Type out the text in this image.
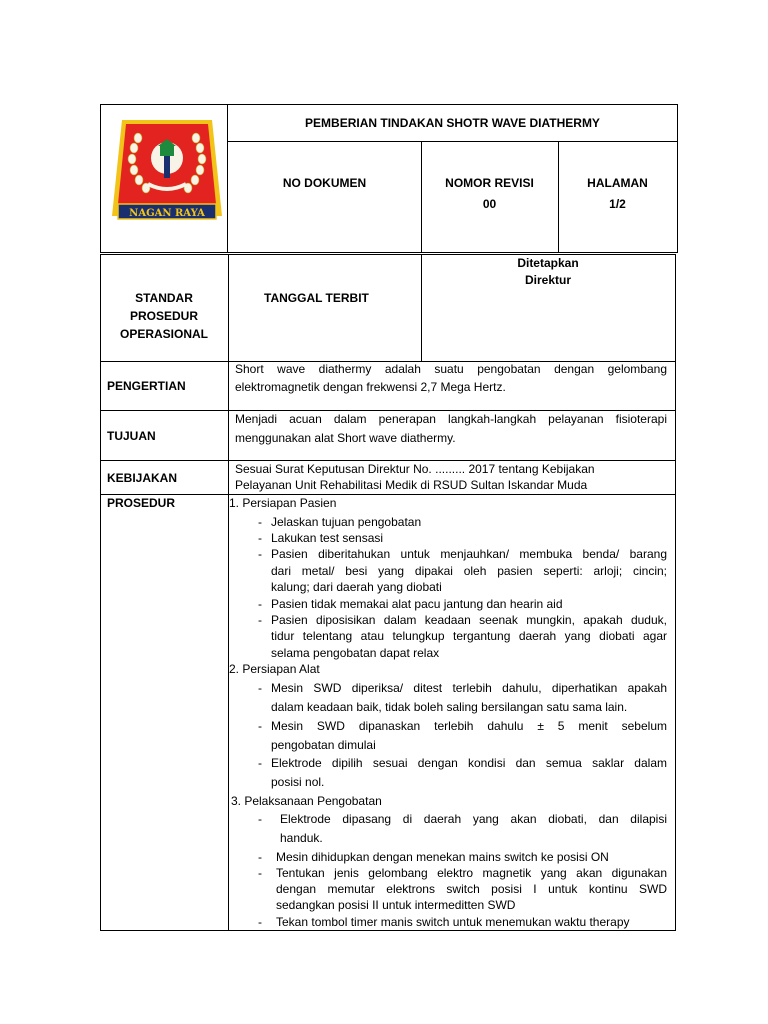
NAGAN RAYA
PEMBERIAN TINDAKAN SHOTR WAVE DIATHERMY
NO DOKUMEN	NOMOR REVISI
00
HALAMAN
1/2
STANDAR
PROSEDUR
OPERASIONAL
TANGGAL TERBIT
Ditetapkan
Direktur
PENGERTIAN
Short wave diathermy adalah suatu pengobatan dengan gelombang
elektromagnetik dengan frekwensi 2,7 Mega Hertz.
TUJUAN
Menjadi acuan dalam penerapan langkah-langkah pelayanan fisioterapi
menggunakan alat Short wave diathermy.
KEBIJAKAN
Sesuai Surat Keputusan Direktur No. ......... 2017 tentang Kebijakan
Pelayanan Unit Rehabilitasi Medik di RSUD Sultan Iskandar Muda
PROSEDUR	1. Persiapan Pasien
- Jelaskan tujuan pengobatan
- Lakukan test sensasi
- Pasien diberitahukan untuk menjauhkan/ membuka benda/ barang
dari metal/ besi yang dipakai oleh pasien seperti: arloji; cincin;
kalung; dari daerah yang diobati
- Pasien tidak memakai alat pacu jantung dan hearin aid
- Pasien diposisikan dalam keadaan seenak mungkin, apakah duduk,
tidur telentang atau telungkup tergantung daerah yang diobati agar
selama pengobatan dapat relax
2. Persiapan Alat
- Mesin SWD diperiksa/ ditest terlebih dahulu, diperhatikan apakah
dalam keadaan baik, tidak boleh saling bersilangan satu sama lain.
- Mesin SWD dipanaskan terlebih dahulu ± 5 menit sebelum
pengobatan dimulai
- Elektrode dipilih sesuai dengan kondisi dan semua saklar dalam
posisi nol.
3. Pelaksanaan Pengobatan
- Elektrode dipasang di daerah yang akan diobati, dan dilapisi
handuk.
- Mesin dihidupkan dengan menekan mains switch ke posisi ON
- Tentukan jenis gelombang elektro magnetik yang akan digunakan
dengan memutar elektrons switch posisi I untuk kontinu SWD
sedangkan posisi II untuk intermeditten SWD
- Tekan tombol timer manis switch untuk menemukan waktu therapy
